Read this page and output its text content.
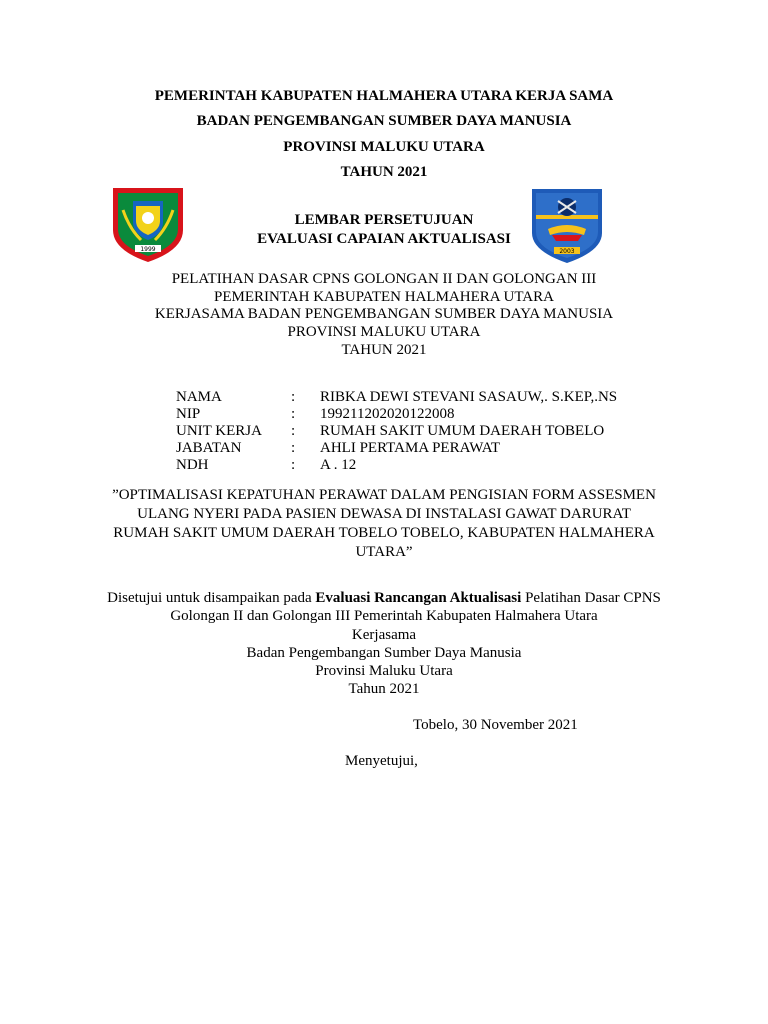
PEMERINTAH KABUPATEN HALMAHERA UTARA KERJA SAMA
BADAN PENGEMBANGAN SUMBER DAYA MANUSIA
PROVINSI MALUKU UTARA
TAHUN 2021
1999	2003
LEMBAR PERSETUJUAN
EVALUASI CAPAIAN AKTUALISASI
PELATIHAN DASAR CPNS GOLONGAN II DAN GOLONGAN III
PEMERINTAH KABUPATEN HALMAHERA UTARA
KERJASAMA BADAN PENGEMBANGAN SUMBER DAYA MANUSIA
PROVINSI MALUKU UTARA
TAHUN 2021
NAMA	: RIBKA DEWI STEVANI SASAUW,. S.KEP,.NS
NIP	: 199211202020122008
UNIT KERJA : RUMAH SAKIT UMUM DAERAH TOBELO
JABATAN	: AHLI PERTAMA PERAWAT
NDH	: A . 12
”OPTIMALISASI KEPATUHAN PERAWAT DALAM PENGISIAN FORM ASSESMEN
ULANG NYERI PADA PASIEN DEWASA DI INSTALASI GAWAT DARURAT
RUMAH SAKIT UMUM DAERAH TOBELO TOBELO, KABUPATEN HALMAHERA
UTARA”
Disetujui untuk disampaikan pada Evaluasi Rancangan Aktualisasi Pelatihan Dasar CPNS
Golongan II dan Golongan III Pemerintah Kabupaten Halmahera Utara
Kerjasama
Badan Pengembangan Sumber Daya Manusia
Provinsi Maluku Utara
Tahun 2021
Tobelo, 30 November 2021
Menyetujui,
